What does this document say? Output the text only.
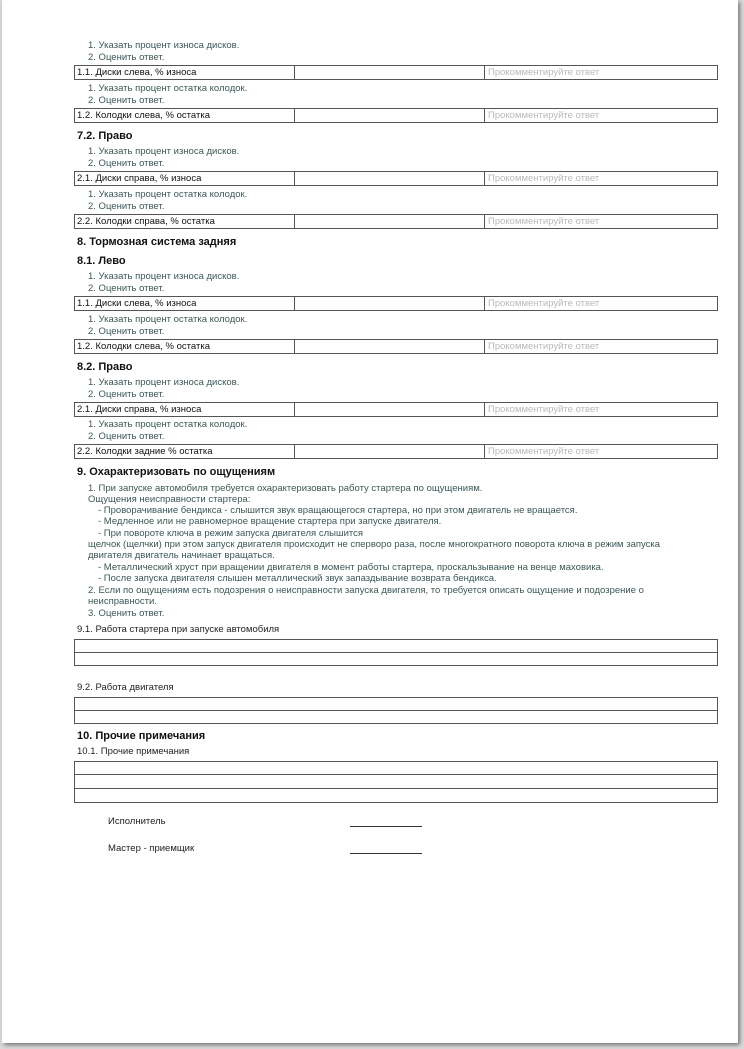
1. Указать процент износа дисков.
2. Оценить ответ.
1.1. Диски слева, % износа	Прокомментируйте ответ
1. Указать процент остатка колодок.
2. Оценить ответ.
1.2. Колодки слева, % остатка	Прокомментируйте ответ
7.2. Право
1. Указать процент износа дисков.
2. Оценить ответ.
2.1. Диски справа, % износа	Прокомментируйте ответ
1. Указать процент остатка колодок.
2. Оценить ответ.
2.2. Колодки справа, % остатка	Прокомментируйте ответ
8. Тормозная система задняя
8.1. Лево
1. Указать процент износа дисков.
2. Оценить ответ.
1.1. Диски слева, % износа	Прокомментируйте ответ
1. Указать процент остатка колодок.
2. Оценить ответ.
1.2. Колодки слева, % остатка	Прокомментируйте ответ
8.2. Право
1. Указать процент износа дисков.
2. Оценить ответ.
2.1. Диски справа, % износа	Прокомментируйте ответ
1. Указать процент остатка колодок.
2. Оценить ответ.
2.2. Колодки задние % остатка	Прокомментируйте ответ
9. Охарактеризовать по ощущениям
1. При запуске автомобиля требуется охарактеризовать работу стартера по ощущениям.
Ощущения неисправности стартера:
- Проворачивание бендикса - слышится звук вращающегося стартера, но при этом двигатель не вращается.
- Медленное или не равномерное вращение стартера при запуске двигателя.
- При повороте ключа в режим запуска двигателя слышится
щелчок (щелчки) при этом запуск двигателя происходит не сперворо раза, после многократного поворота ключа в режим запуска
двигателя двигатель начинает вращаться.
- Металлический хруст при вращении двигателя в момент работы стартера, проскальзывание на венце маховика.
- После запуска двигателя слышен металлический звук запаздывание возврата бендикса.
2. Если по ощущениям есть подозрения о неисправности запуска двигателя, то требуется описать ощущение и подозрение о
неисправности.
3. Оценить ответ.
9.1. Работа стартера при запуске автомобиля
9.2. Работа двигателя
10. Прочие примечания
10.1. Прочие примечания
Исполнитель
Мастер - приемщик
